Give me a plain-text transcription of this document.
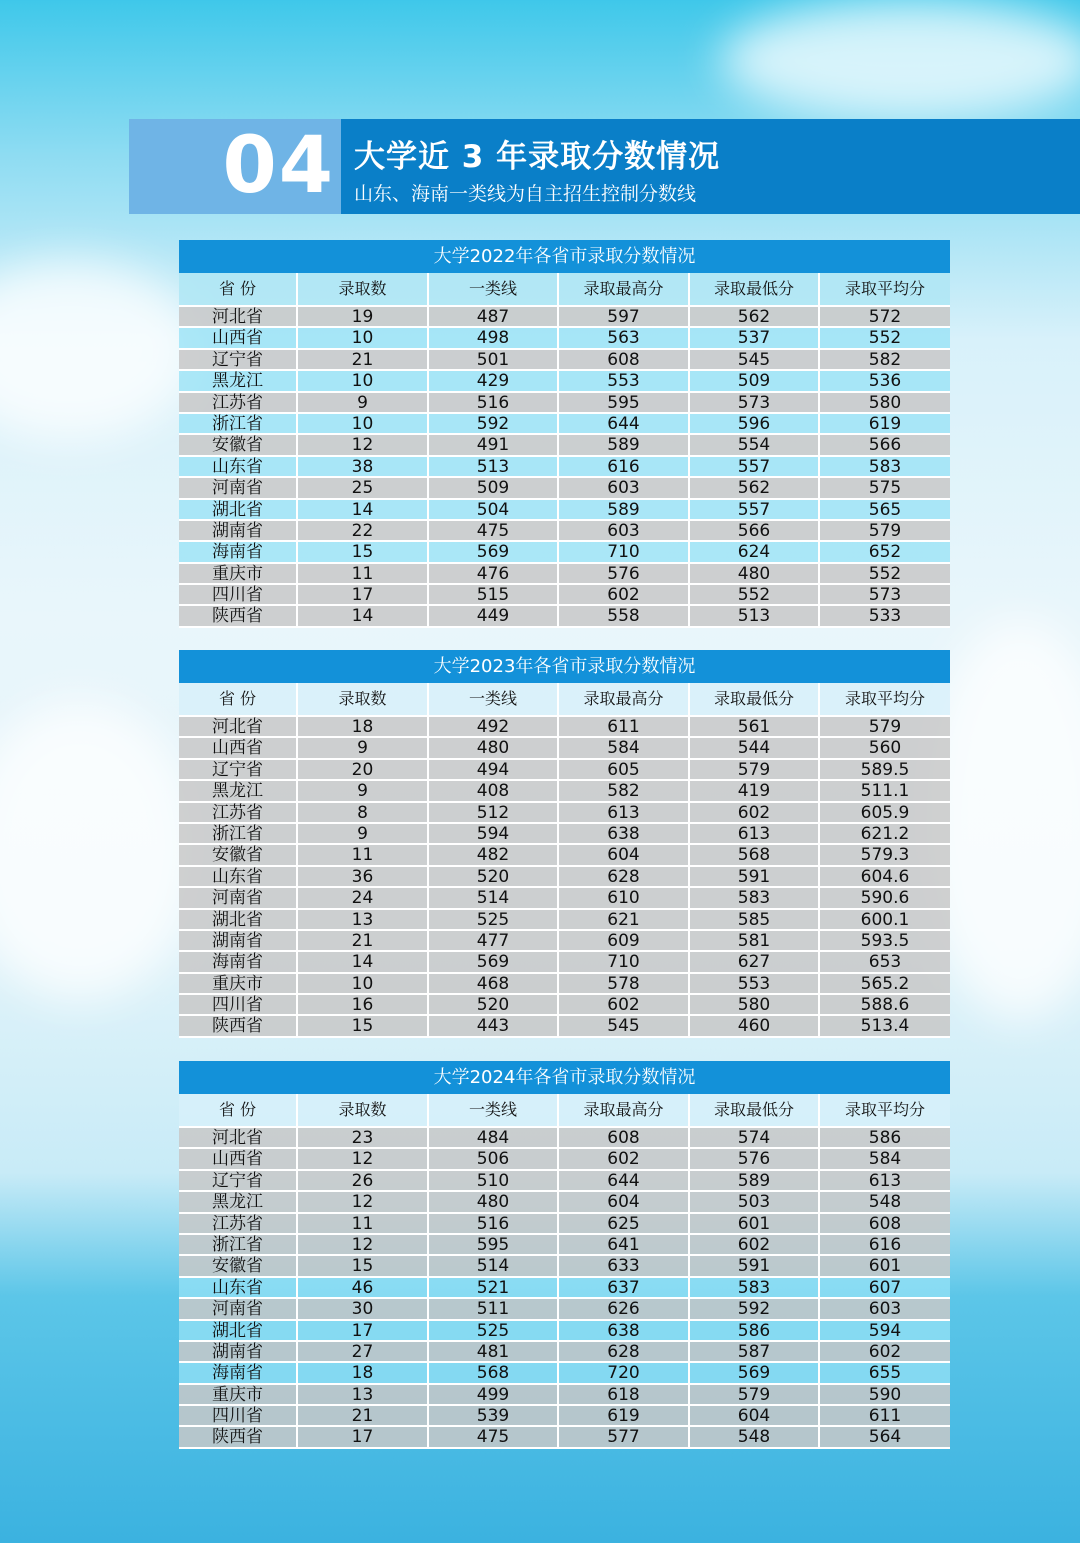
04 大学近 3 年录取分数情况
山东、海南一类线为自主招生控制分数线
大学2022年各省市录取分数情况
省 份	录取数	一类线	录取最高分	录取最低分	录取平均分
河北省	19	487	597	562	572
山西省	10	498	563	537	552
辽宁省	21	501	608	545	582
黑龙江	10	429	553	509	536
江苏省	9	516	595	573	580
浙江省	10	592	644	596	619
安徽省	12	491	589	554	566
山东省	38	513	616	557	583
河南省	25	509	603	562	575
湖北省	14	504	589	557	565
湖南省	22	475	603	566	579
海南省	15	569	710	624	652
重庆市	11	476	576	480	552
四川省	17	515	602	552	573
陕西省	14	449	558	513	533
大学2023年各省市录取分数情况
省 份	录取数	一类线	录取最高分	录取最低分	录取平均分
河北省	18	492	611	561	579
山西省	9	480	584	544	560
辽宁省	20	494	605	579	589.5
黑龙江	9	408	582	419	511.1
江苏省	8	512	613	602	605.9
浙江省	9	594	638	613	621.2
安徽省	11	482	604	568	579.3
山东省	36	520	628	591	604.6
河南省	24	514	610	583	590.6
湖北省	13	525	621	585	600.1
湖南省	21	477	609	581	593.5
海南省	14	569	710	627	653
重庆市	10	468	578	553	565.2
四川省	16	520	602	580	588.6
陕西省	15	443	545	460	513.4
大学2024年各省市录取分数情况
省 份	录取数	一类线	录取最高分	录取最低分	录取平均分
河北省	23	484	608	574	586
山西省	12	506	602	576	584
辽宁省	26	510	644	589	613
黑龙江	12	480	604	503	548
江苏省	11	516	625	601	608
浙江省	12	595	641	602	616
安徽省	15	514	633	591	601
山东省	46	521	637	583	607
河南省	30	511	626	592	603
湖北省	17	525	638	586	594
湖南省	27	481	628	587	602
海南省	18	568	720	569	655
重庆市	13	499	618	579	590
四川省	21	539	619	604	611
陕西省	17	475	577	548	564
